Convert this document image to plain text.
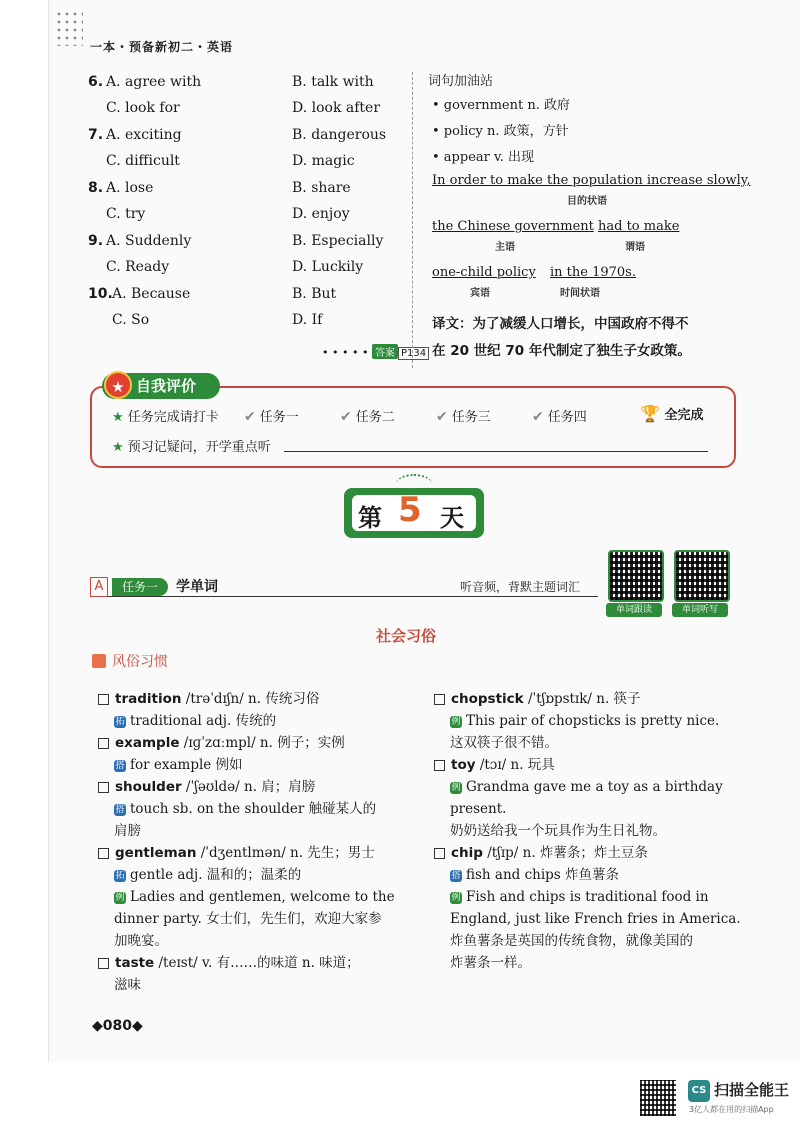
一本・预备新初二・英语
6. A. agree with	B. talk with
C. look for	D. look after
7. A. exciting	B. dangerous
C. difficult	D. magic
8. A. lose	B. share
C. try	D. enjoy
9. A. Suddenly	B. Especially
C. Ready	D. Luckily
10. A. Because	B. But
C. So	D. If
• • • • • 答案 P134
词句加油站
• government n. 政府
• policy n. 政策，方针
• appear v. 出现
In order to make the population increase slowly,
目的状语
the Chinese government
主语
had to make
谓语
one-child policy
宾语
in the 1970s.
时间状语
译文：为了减缓人口增长，中国政府不得不
在 20 世纪 70 年代制定了独生子女政策。
自我评价
★
★ 任务完成请打卡 ✔ 任务一	✔ 任务二	✔ 任务三	✔ 任务四	🏆 全完成
★ 预习记疑问，开学重点听
第 5 天
A	任务一	学单词	听音频，背默主题词汇
单词跟读	单词听写
社会习俗
风俗习惯
tradition /trəˈdɪʃn/ n. 传统习俗
拓 traditional adj. 传统的
example /ɪɡˈzɑːmpl/ n. 例子；实例
搭 for example 例如
shoulder /ˈʃəʊldə/ n. 肩；肩膀
搭 touch sb. on the shoulder 触碰某人的
肩膀
gentleman /ˈdʒentlmən/ n. 先生；男士
拓 gentle adj. 温和的；温柔的
例 Ladies and gentlemen, welcome to the
dinner party. 女士们，先生们，欢迎大家参
加晚宴。
taste /teɪst/ v. 有……的味道 n. 味道；
滋味
chopstick /ˈtʃɒpstɪk/ n. 筷子
例 This pair of chopsticks is pretty nice.
这双筷子很不错。
toy /tɔɪ/ n. 玩具
例 Grandma gave me a toy as a birthday
present.
奶奶送给我一个玩具作为生日礼物。
chip /tʃɪp/ n. 炸薯条；炸土豆条
搭 fish and chips 炸鱼薯条
例 Fish and chips is traditional food in
England, just like French fries in America.
炸鱼薯条是英国的传统食物，就像美国的
炸薯条一样。
◆080◆
CS 扫描全能王
3亿人都在用的扫描App
